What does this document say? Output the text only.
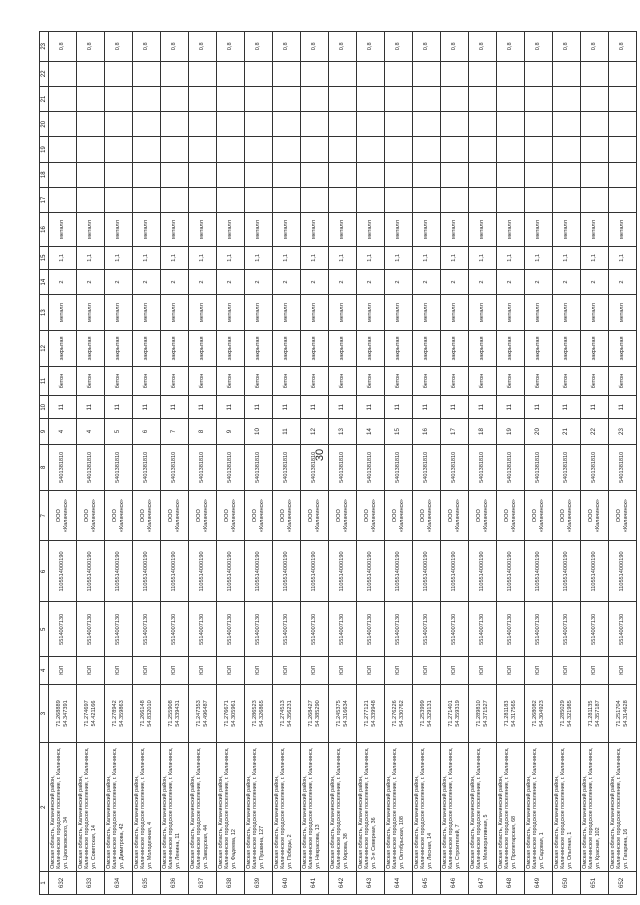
30
1	2	3	4	5	6	7	8	9	10	11	12	13	14	15	16	17	18	19	20	21	22	23
632	Омская область, Калачинский район, Калачинское городское поселение, г. Калачинск, ул. Циолковского, 34	71.268889 54.347391	ЮЛ	5514007130	1105514000190	ООО «Калачинск»	5401381810	4	11	бетон	закрытая	металл	2	1,1	металл							0,8
633	Омская область, Калачинский район, Калачинское городское поселение, г. Калачинск, ул. Советская, 14	71.274697 54.421166	ЮЛ	5514007130	1105514000190	ООО «Калачинск»	5401381810	4	11	бетон	закрытая	металл	2	1,1	металл							0,8
634	Омская область, Калачинский район, Калачинское городское поселение, г. Калачинск, ул. Димитрова, 42	71.278942 54.359863	ЮЛ	5514007130	1105514000190	ООО «Калачинск»	5401381810	5	11	бетон	закрытая	металл	2	1,1	металл							0,8
635	Омская область, Калачинский район, Калачинское городское поселение, г. Калачинск, ул. Молодежная, 4	71.266148 54.832010	ЮЛ	5514007130	1105514000190	ООО «Калачинск»	5401381810	6	11	бетон	закрытая	металл	2	1,1	металл							0,8
636	Омская область, Калачинский район, Калачинское городское поселение, г. Калачинск, ул. Ленина, 11	71.255908 54.339431	ЮЛ	5514007130	1105514000190	ООО «Калачинск»	5401381810	7	11	бетон	закрытая	металл	2	1,1	металл							0,8
637	Омская область, Калачинский район, Калачинское городское поселение, г. Калачинск, ул. Заводская, 44	71.247353 54.496487	ЮЛ	5514007130	1105514000190	ООО «Калачинск»	5401381810	8	11	бетон	закрытая	металл	2	1,1	металл							0,8
638	Омская область, Калачинский район, Калачинское городское поселение, г. Калачинск, ул. Фадеева, 12	71.276671 54.305961	ЮЛ	5514007130	1105514000190	ООО «Калачинск»	5401381810	9	11	бетон	закрытая	металл	2	1,1	металл							0,8
639	Омская область, Калачинский район, Калачинское городское поселение, г. Калачинск, ул. Пушкина, 127	71.286523 54.326865	ЮЛ	5514007130	1105514000190	ООО «Калачинск»	5401381810	10	11	бетон	закрытая	металл	2	1,1	металл							0,8
640	Омская область, Калачинский район, Калачинское городское поселение, г. Калачинск, ул. Победы, 2	71.274513 54.356231	ЮЛ	5514007130	1105514000190	ООО «Калачинск»	5401381810	11	11	бетон	закрытая	металл	2	1,1	металл							0,8
641	Омская область, Калачинский район, Калачинское городское поселение, г. Калачинск, ул. Некрасова, 13	71.268427 54.385290	ЮЛ	5514007130	1105514000190	ООО «Калачинск»	5401381810	12	11	бетон	закрытая	металл	2	1,1	металл							0,8
642	Омская область, Калачинский район, Калачинское городское поселение, г. Калачинск, ул. Кирова, 38	71.245375 54.316634	ЮЛ	5514007130	1105514000190	ООО «Калачинск»	5401381810	13	11	бетон	закрытая	металл	2	1,1	металл							0,8
643	Омская область, Калачинский район, Калачинское городское поселение, г. Калачинск, ул. 3-я Северная, 36	71.277121 54.339948	ЮЛ	5514007130	1105514000190	ООО «Калачинск»	5401381810	14	11	бетон	закрытая	металл	2	1,1	металл							0,8
644	Омская область, Калачинский район, Калачинское городское поселение, г. Калачинск, ул. Октябрьская, 108	71.276226 54.330762	ЮЛ	5514007130	1105514000190	ООО «Калачинск»	5401381810	15	11	бетон	закрытая	металл	2	1,1	металл							0,8
645	Омская область, Калачинский район, Калачинское городское поселение, г. Калачинск, ул. Лесная, 14	71.253999 54.329131	ЮЛ	5514007130	1105514000190	ООО «Калачинск»	5401381810	16	11	бетон	закрытая	металл	2	1,1	металл							0,8
646	Омская область, Калачинский район, Калачинское городское поселение, г. Калачинск, ул. Строителей, 7	71.271401 54.359319	ЮЛ	5514007130	1105514000190	ООО «Калачинск»	5401381810	17	11	бетон	закрытая	металл	2	1,1	металл							0,8
647	Омская область, Калачинский район, Калачинское городское поселение, г. Калачинск, ул. Мелиоративная, 5	71.289810 54.371527	ЮЛ	5514007130	1105514000190	ООО «Калачинск»	5401381810	18	11	бетон	закрытая	металл	2	1,1	металл							0,8
648	Омская область, Калачинский район, Калачинское городское поселение, г. Калачинск, ул. Пролетарская, 68	71.281183 54.317565	ЮЛ	5514007130	1105514000190	ООО «Калачинск»	5401381810	19	11	бетон	закрытая	металл	2	1,1	металл							0,8
649	Омская область, Калачинский район, Калачинское городское поселение, г. Калачинск, ул. Садовая, 1	71.268082 54.304923	ЮЛ	5514007130	1105514000190	ООО «Калачинск»	5401381810	20	11	бетон	закрытая	металл	2	1,1	металл							0,8
650	Омская область, Калачинский район, Калачинское городское поселение, г. Калачинск, ул. Опытная, 1	71.285029 54.321985	ЮЛ	5514007130	1105514000190	ООО «Калачинск»	5401381810	21	11	бетон	закрытая	металл	2	1,1	металл							0,8
651	Омская область, Калачинский район, Калачинское городское поселение, г. Калачинск, ул. Красная, 102	71.281135 54.357187	ЮЛ	5514007130	1105514000190	ООО «Калачинск»	5401381810	22	11	бетон	закрытая	металл	2	1,1	металл							0,8
652	Омская область, Калачинский район, Калачинское городское поселение, г. Калачинск, ул. Гагарина, 16	71.251704 54.314628	ЮЛ	5514007130	1105514000190	ООО «Калачинск»	5401381810	23	11	бетон	закрытая	металл	2	1,1	металл							0,8
